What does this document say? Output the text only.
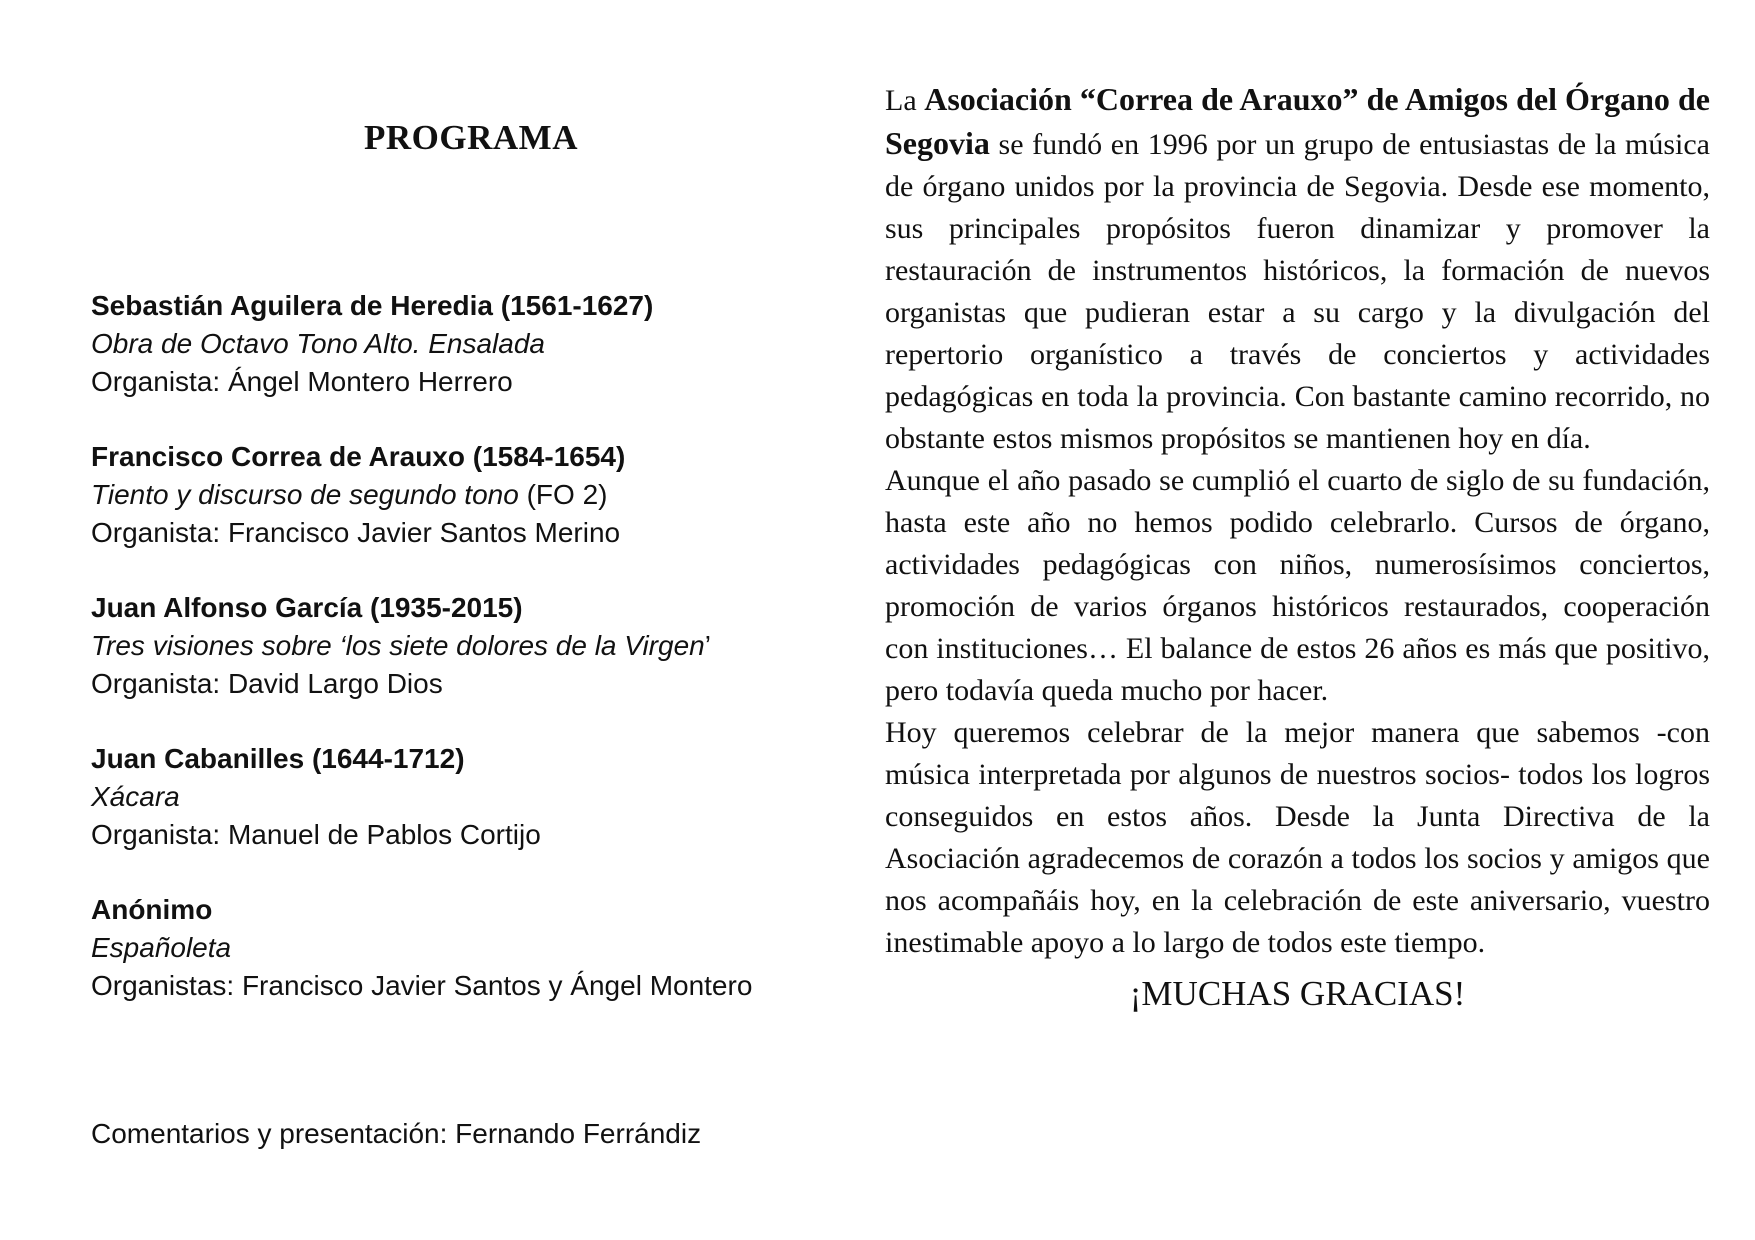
PROGRAMA
Sebastián Aguilera de Heredia (1561-1627)
Obra de Octavo Tono Alto. Ensalada
Organista: Ángel Montero Herrero
Francisco Correa de Arauxo (1584-1654)
Tiento y discurso de segundo tono (FO 2)
Organista: Francisco Javier Santos Merino
Juan Alfonso García (1935-2015)
Tres visiones sobre ‘los siete dolores de la Virgen’
Organista: David Largo Dios
Juan Cabanilles (1644-1712)
Xácara
Organista: Manuel de Pablos Cortijo
Anónimo
Españoleta
Organistas: Francisco Javier Santos y Ángel Montero
Comentarios y presentación: Fernando Ferrándiz

La Asociación “Correa de Arauxo” de Amigos del Órgano de Segovia se fundó en 1996 por un grupo de entusiastas de la música de órgano unidos por la provincia de Segovia. Desde ese momento, sus principales propósitos fueron dinamizar y promover la restauración de instrumentos históricos, la formación de nuevos organistas que pudieran estar a su cargo y la divulgación del repertorio organístico a través de conciertos y actividades pedagógicas en toda la provincia. Con bastante camino recorrido, no obstante estos mismos propósitos se mantienen hoy en día.

Aunque el año pasado se cumplió el cuarto de siglo de su fundación, hasta este año no hemos podido celebrarlo. Cursos de órgano, actividades pedagógicas con niños, numerosísimos conciertos, promoción de varios órganos históricos restaurados, cooperación con instituciones… El balance de estos 26 años es más que positivo, pero todavía queda mucho por hacer.

Hoy queremos celebrar de la mejor manera que sabemos -con música interpretada por algunos de nuestros socios- todos los logros conseguidos en estos años. Desde la Junta Directiva de la Asociación agradecemos de corazón a todos los socios y amigos que nos acompañáis hoy, en la celebración de este aniversario, vuestro inestimable apoyo a lo largo de todos este tiempo.

¡MUCHAS GRACIAS!
